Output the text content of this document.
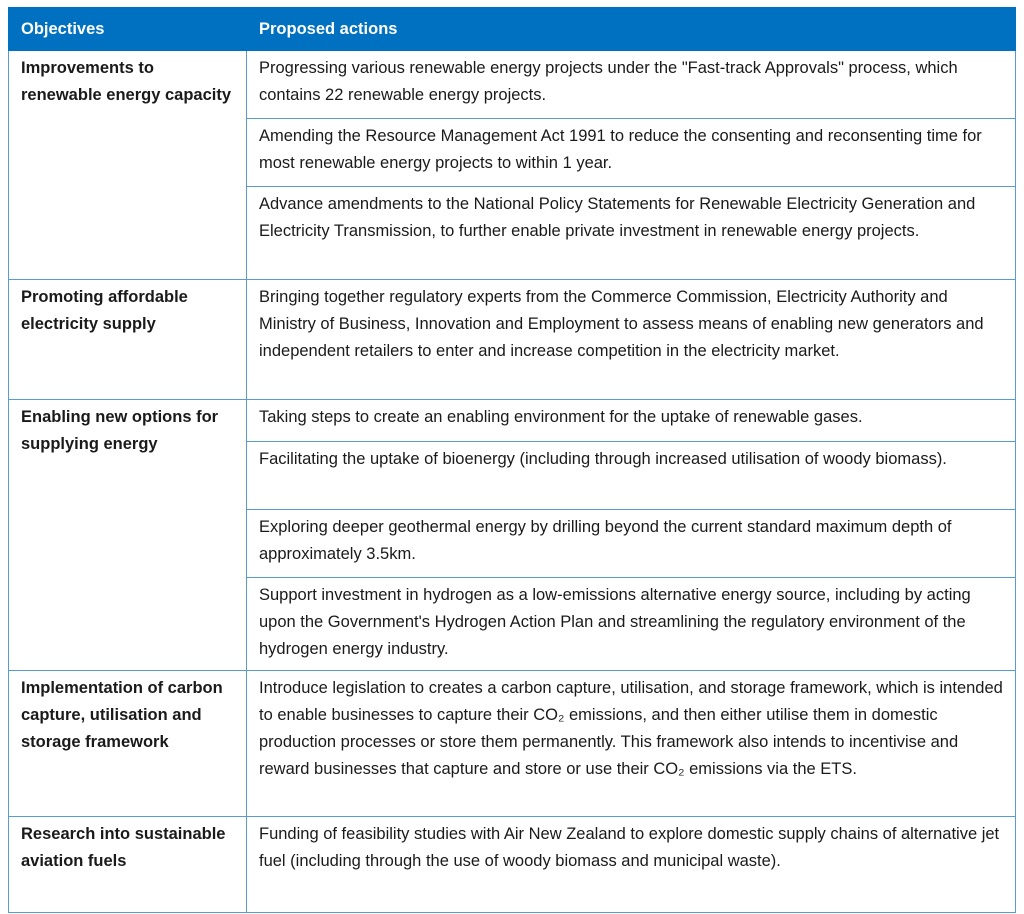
Objectives	Proposed actions
Improvements to renewable energy capacity	Progressing various renewable energy projects under the "Fast-track Approvals" process, which contains 22 renewable energy projects.
	Amending the Resource Management Act 1991 to reduce the consenting and reconsenting time for most renewable energy projects to within 1 year.
	Advance amendments to the National Policy Statements for Renewable Electricity Generation and Electricity Transmission, to further enable private investment in renewable energy projects.
Promoting affordable electricity supply	Bringing together regulatory experts from the Commerce Commission, Electricity Authority and Ministry of Business, Innovation and Employment to assess means of enabling new generators and independent retailers to enter and increase competition in the electricity market.
Enabling new options for supplying energy	Taking steps to create an enabling environment for the uptake of renewable gases.
	Facilitating the uptake of bioenergy (including through increased utilisation of woody biomass).
	Exploring deeper geothermal energy by drilling beyond the current standard maximum depth of approximately 3.5km.
	Support investment in hydrogen as a low-emissions alternative energy source, including by acting upon the Government's Hydrogen Action Plan and streamlining the regulatory environment of the hydrogen energy industry.
Implementation of carbon capture, utilisation and storage framework	Introduce legislation to creates a carbon capture, utilisation, and storage framework, which is intended to enable businesses to capture their CO₂ emissions, and then either utilise them in domestic production processes or store them permanently. This framework also intends to incentivise and reward businesses that capture and store or use their CO₂ emissions via the ETS.
Research into sustainable aviation fuels	Funding of feasibility studies with Air New Zealand to explore domestic supply chains of alternative jet fuel (including through the use of woody biomass and municipal waste).
